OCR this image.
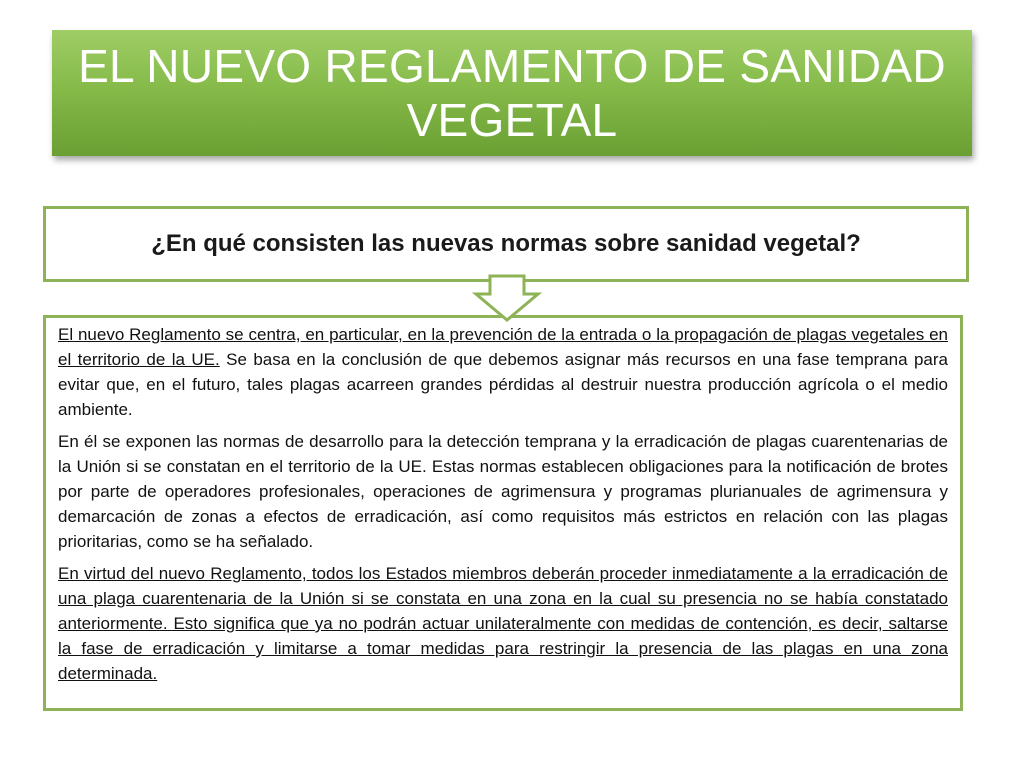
EL NUEVO REGLAMENTO DE SANIDAD
VEGETAL
¿En qué consisten las nuevas normas sobre sanidad vegetal?

El nuevo Reglamento se centra, en particular, en la prevención de la entrada o la propagación de plagas vegetales en el territorio de la UE. Se basa en la conclusión de que debemos asignar más recursos en una fase temprana para evitar que, en el futuro, tales plagas acarreen grandes pérdidas al destruir nuestra producción agrícola o el medio ambiente.

En él se exponen las normas de desarrollo para la detección temprana y la erradicación de plagas cuarentenarias de la Unión si se constatan en el territorio de la UE. Estas normas establecen obligaciones para la notificación de brotes por parte de operadores profesionales, operaciones de agrimensura y programas plurianuales de agrimensura y demarcación de zonas a efectos de erradicación, así como requisitos más estrictos en relación con las plagas prioritarias, como se ha señalado.

En virtud del nuevo Reglamento, todos los Estados miembros deberán proceder inmediatamente a la erradicación de una plaga cuarentenaria de la Unión si se constata en una zona en la cual su presencia no se había constatado anteriormente. Esto significa que ya no podrán actuar unilateralmente con medidas de contención, es decir, saltarse la fase de erradicación y limitarse a tomar medidas para restringir la presencia de las plagas en una zona determinada.
